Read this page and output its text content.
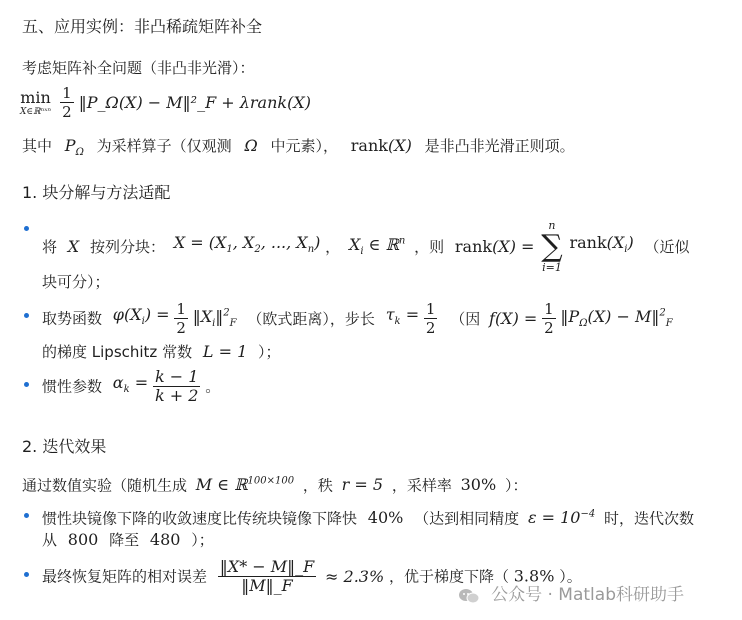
五、应用实例：非凸稀疏矩阵补全
考虑矩阵补全问题（非凸非光滑）：
min
X∈ℝⁿˣⁿ
$\frac{1}{2}$ ‖P_Ω(X) − M‖²_F + λrank(X)
其中 $P_\Omega$ 为采样算子（仅观测 Ω 中元素）， rank(X) 是非凸非光滑正则项。
1. 块分解与方法适配
将 X 按列分块： $X = (X_1$, $X_2$, ..., $X_n$) ， $X_i$ ∈ ℝ$^n$ ，则 rank(X) =
n
∑
i=1
$rank(X_i)$ （近似
块可分）；
取势函数 $\varphi(X_i) = \frac{1}{2}$ $‖X_i‖^2_F$ （欧式距离），步长 $\tau_k = \frac{1}{2}$ （因 $f(X) = \frac{1}{2}$ $‖P_\Omega(X)$ − M‖$^2_F$
的梯度 Lipschitz 常数 L = 1 ）；
惯性参数 $\alpha_k = \frac{k - 1}{k + 2}$ 。
2. 迭代效果
通过数值实验（随机生成 M ∈ ℝ$^{100\times 100}$ ，秩 r = 5 ，采样率 30% ）：
惯性块镜像下降的收敛速度比传统块镜像下降快 40% （达到相同精度 $\varepsilon = 10^{-4}$ 时，迭代次数
从 800 降至 480 ）；
最终恢复矩阵的相对误差 $\frac{‖X* - M‖\_F}{‖M‖\_F} \approx 2.3\%$ ，优于梯度下降（ 3.8% ）。
公众号 · Matlab科研助手
